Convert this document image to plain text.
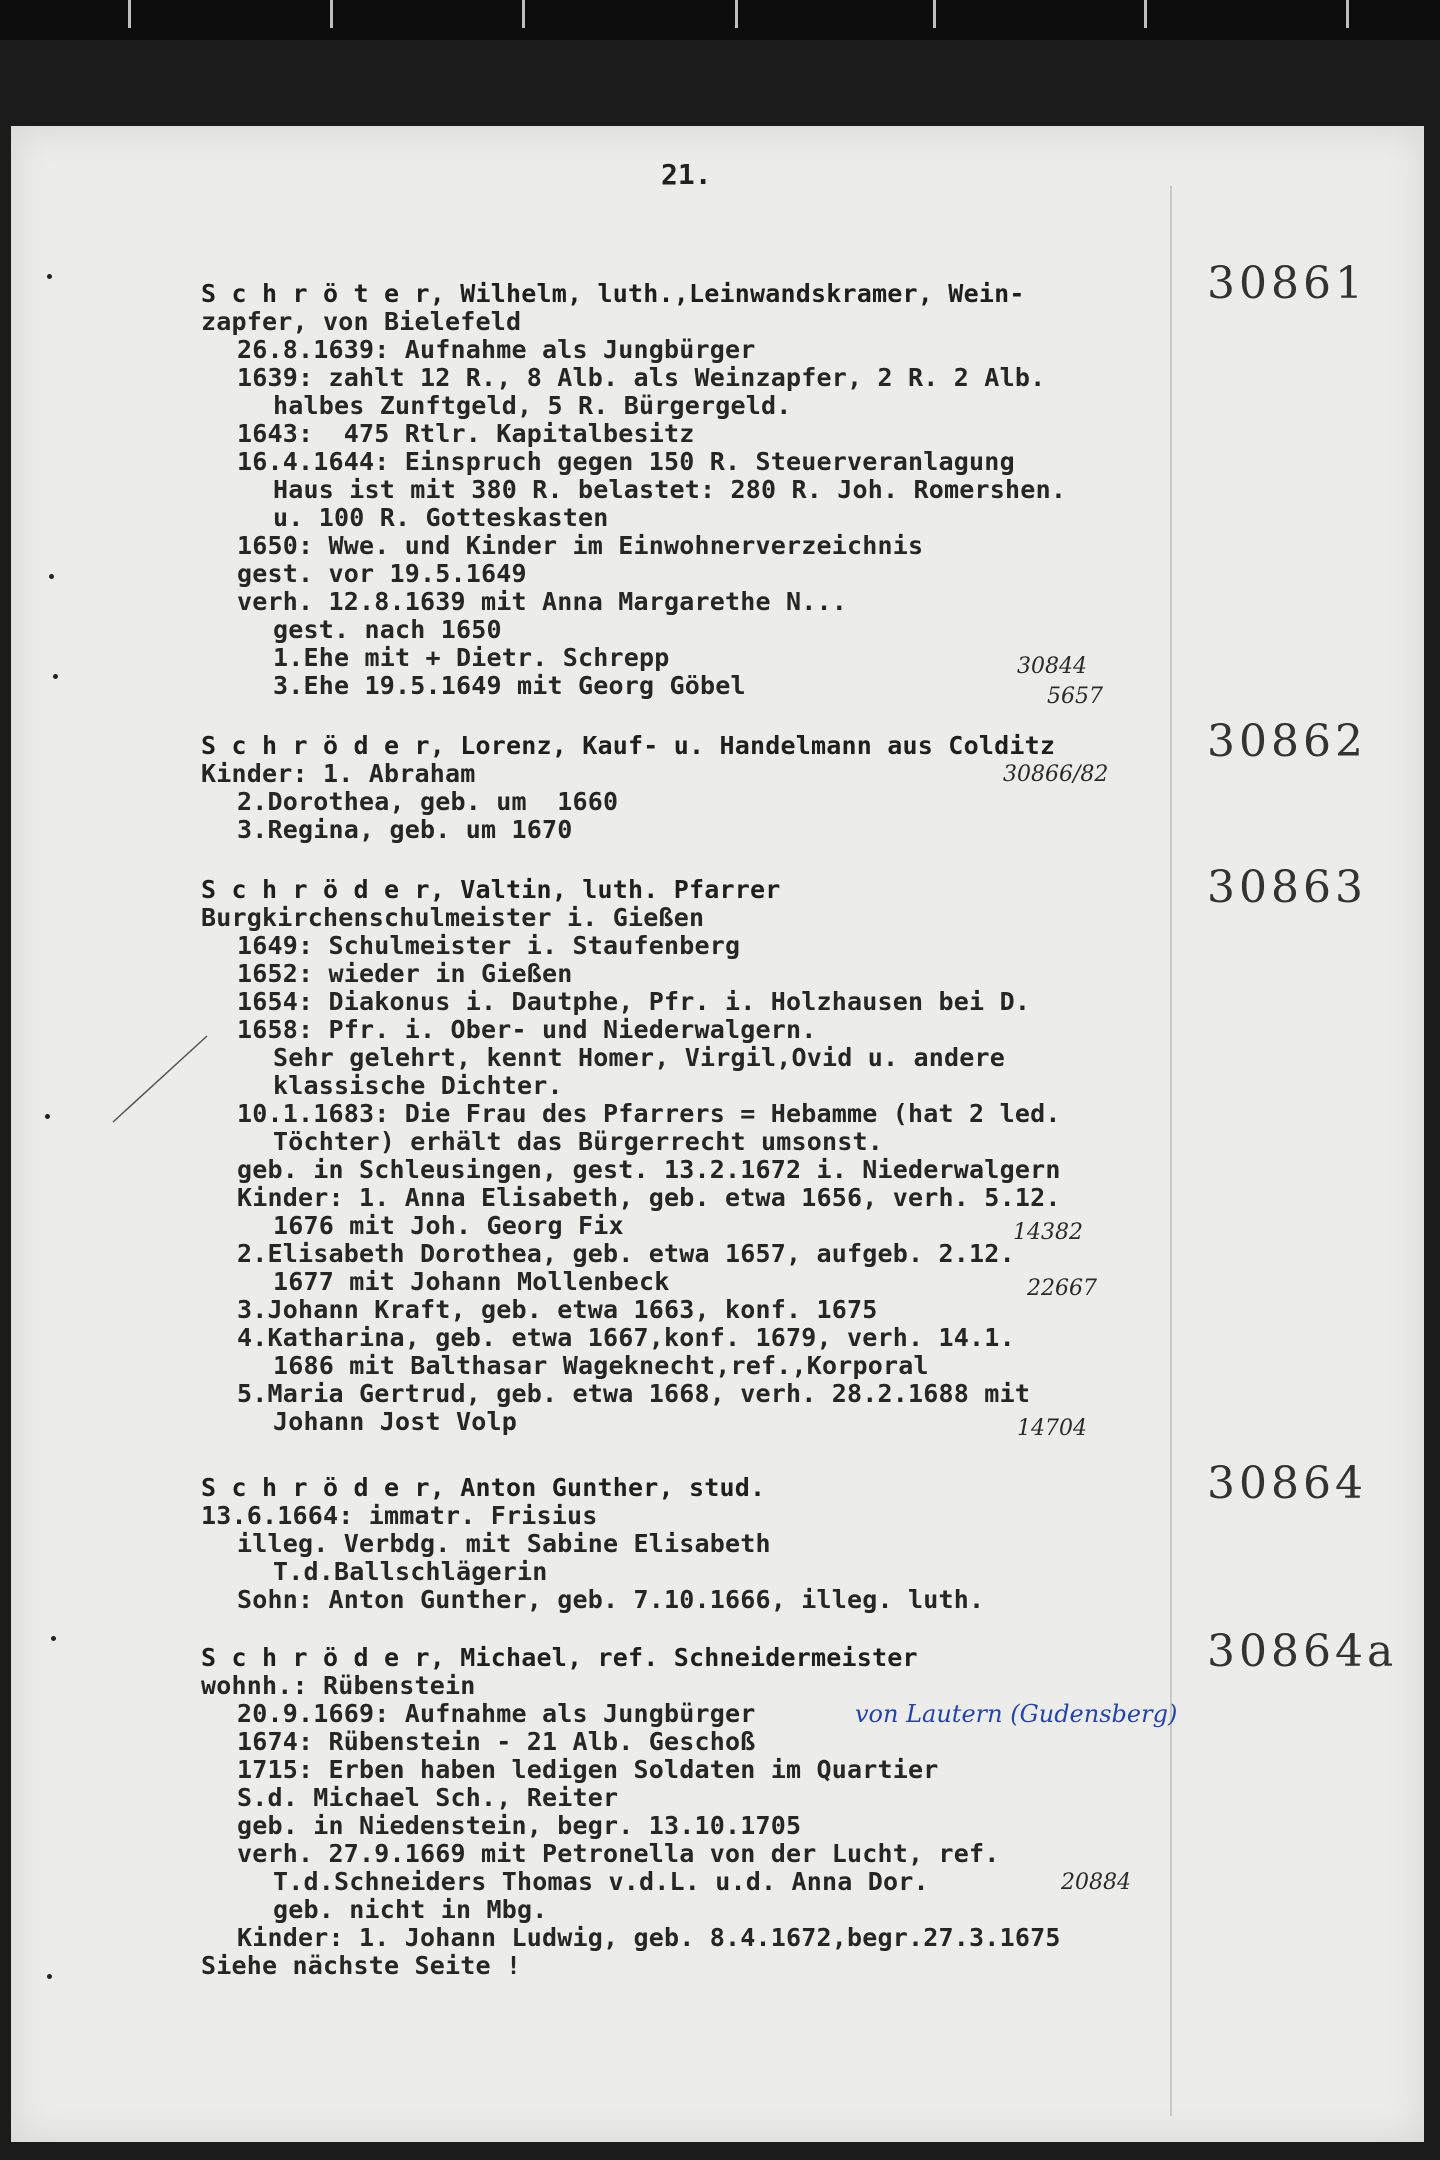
21.
S c h r ö t e r, Wilhelm, luth.,Leinwandskramer, Wein-
zapfer, von Bielefeld
26.8.1639: Aufnahme als Jungbürger
1639: zahlt 12 R., 8 Alb. als Weinzapfer, 2 R. 2 Alb.
halbes Zunftgeld, 5 R. Bürgergeld.
1643:  475 Rtlr. Kapitalbesitz
16.4.1644: Einspruch gegen 150 R. Steuerveranlagung
Haus ist mit 380 R. belastet: 280 R. Joh. Romershen.
u. 100 R. Gotteskasten
1650: Wwe. und Kinder im Einwohnerverzeichnis
gest. vor 19.5.1649
verh. 12.8.1639 mit Anna Margarethe N...
gest. nach 1650
1.Ehe mit + Dietr. Schrepp
3.Ehe 19.5.1649 mit Georg Göbel
30861
30844
5657
S c h r ö d e r, Lorenz, Kauf- u. Handelmann aus Colditz
Kinder: 1. Abraham
2.Dorothea, geb. um  1660
3.Regina, geb. um 1670
30862
30866/82
S c h r ö d e r, Valtin, luth. Pfarrer
Burgkirchenschulmeister i. Gießen
1649: Schulmeister i. Staufenberg
1652: wieder in Gießen
1654: Diakonus i. Dautphe, Pfr. i. Holzhausen bei D.
1658: Pfr. i. Ober- und Niederwalgern.
Sehr gelehrt, kennt Homer, Virgil,Ovid u. andere
klassische Dichter.
10.1.1683: Die Frau des Pfarrers = Hebamme (hat 2 led.
Töchter) erhält das Bürgerrecht umsonst.
geb. in Schleusingen, gest. 13.2.1672 i. Niederwalgern
Kinder: 1. Anna Elisabeth, geb. etwa 1656, verh. 5.12.
1676 mit Joh. Georg Fix
2.Elisabeth Dorothea, geb. etwa 1657, aufgeb. 2.12.
1677 mit Johann Mollenbeck
3.Johann Kraft, geb. etwa 1663, konf. 1675
4.Katharina, geb. etwa 1667,konf. 1679, verh. 14.1.
1686 mit Balthasar Wageknecht,ref.,Korporal
5.Maria Gertrud, geb. etwa 1668, verh. 28.2.1688 mit
Johann Jost Volp
30863
14382
22667
14704
S c h r ö d e r, Anton Gunther, stud.
13.6.1664: immatr. Frisius
illeg. Verbdg. mit Sabine Elisabeth
T.d.Ballschlägerin
Sohn: Anton Gunther, geb. 7.10.1666, illeg. luth.
30864
S c h r ö d e r, Michael, ref. Schneidermeister
wohnh.: Rübenstein
20.9.1669: Aufnahme als Jungbürger
1674: Rübenstein - 21 Alb. Geschoß
1715: Erben haben ledigen Soldaten im Quartier
S.d. Michael Sch., Reiter
geb. in Niedenstein, begr. 13.10.1705
verh. 27.9.1669 mit Petronella von der Lucht, ref.
T.d.Schneiders Thomas v.d.L. u.d. Anna Dor.
geb. nicht in Mbg.
Kinder: 1. Johann Ludwig, geb. 8.4.1672,begr.27.3.1675
Siehe nächste Seite !
30864a
20884
von Lautern (Gudensberg)
